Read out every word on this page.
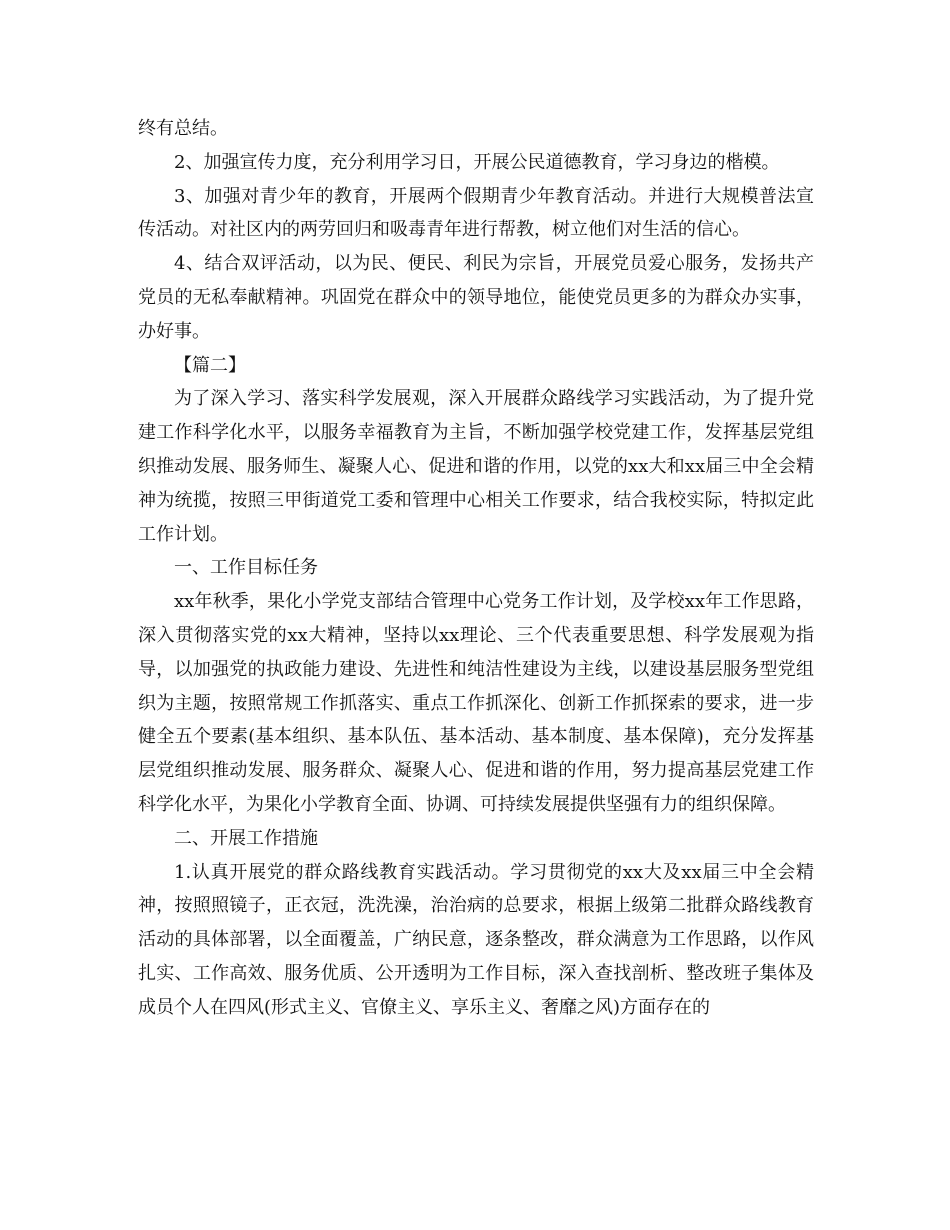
终有总结。

2、加强宣传力度，充分利用学习日，开展公民道德教育，学习身边的楷模。

3、加强对青少年的教育，开展两个假期青少年教育活动。并进行大规模普法宣传活动。对社区内的两劳回归和吸毒青年进行帮教，树立他们对生活的信心。

4、结合双评活动，以为民、便民、利民为宗旨，开展党员爱心服务，发扬共产党员的无私奉献精神。巩固党在群众中的领导地位，能使党员更多的为群众办实事，办好事。

【篇二】

为了深入学习、落实科学发展观，深入开展群众路线学习实践活动，为了提升党建工作科学化水平，以服务幸福教育为主旨，不断加强学校党建工作，发挥基层党组织推动发展、服务师生、凝聚人心、促进和谐的作用，以党的xx大和xx届三中全会精神为统揽，按照三甲街道党工委和管理中心相关工作要求，结合我校实际，特拟定此工作计划。

一、工作目标任务

xx年秋季，果化小学党支部结合管理中心党务工作计划，及学校xx年工作思路，深入贯彻落实党的xx大精神，坚持以xx理论、三个代表重要思想、科学发展观为指导，以加强党的执政能力建设、先进性和纯洁性建设为主线，以建设基层服务型党组织为主题，按照常规工作抓落实、重点工作抓深化、创新工作抓探索的要求，进一步健全五个要素(基本组织、基本队伍、基本活动、基本制度、基本保障)，充分发挥基层党组织推动发展、服务群众、凝聚人心、促进和谐的作用，努力提高基层党建工作科学化水平，为果化小学教育全面、协调、可持续发展提供坚强有力的组织保障。

二、开展工作措施

1.认真开展党的群众路线教育实践活动。学习贯彻党的xx大及xx届三中全会精神，按照照镜子，正衣冠，洗洗澡，治治病的总要求，根据上级第二批群众路线教育活动的具体部署，以全面覆盖，广纳民意，逐条整改，群众满意为工作思路，以作风扎实、工作高效、服务优质、公开透明为工作目标，深入查找剖析、整改班子集体及成员个人在四风(形式主义、官僚主义、享乐主义、奢靡之风)方面存在的
